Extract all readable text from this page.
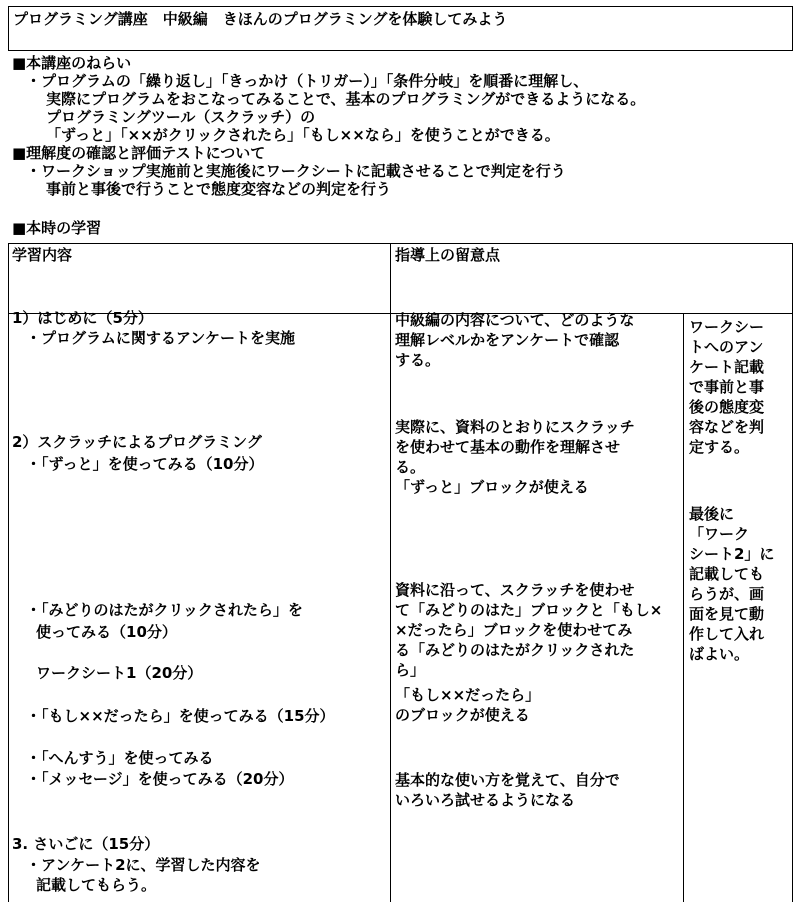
プログラミング講座　中級編　きほんのプログラミングを体験してみよう
■本講座のねらい
・プログラムの「繰り返し」「きっかけ（トリガー）」「条件分岐」を順番に理解し、
実際にプログラムをおこなってみることで、基本のプログラミングができるようになる。
プログラミングツール（スクラッチ）の
「ずっと」「××がクリックされたら」「もし××なら」を使うことができる。
■理解度の確認と評価テストについて
・ワークショップ実施前と実施後にワークシートに記載させることで判定を行う
事前と事後で行うことで態度変容などの判定を行う
■本時の学習
学習内容	指導上の留意点
1）はじめに（5分）
・プログラムに関するアンケートを実施
2）スクラッチによるプログラミング
・「ずっと」を使ってみる（10分）
・「みどりのはたがクリックされたら」を
使ってみる（10分）
ワークシート1（20分）
・「もし××だったら」を使ってみる（15分）
・「へんすう」を使ってみる
・「メッセージ」を使ってみる（20分）
3. さいごに（15分）
・アンケート2に、学習した内容を
記載してもらう。
中級編の内容について、どのような
理解レベルかをアンケートで確認
する。
実際に、資料のとおりにスクラッチ
を使わせて基本の動作を理解させ
る。
「ずっと」ブロックが使える
資料に沿って、スクラッチを使わせ
て「みどりのはた」ブロックと「もし×
×だったら」ブロックを使わせてみ
る「みどりのはたがクリックされた
ら」
「もし××だったら」
のブロックが使える
基本的な使い方を覚えて、自分で
いろいろ試せるようになる
ワークシー
トへのアン
ケート記載
で事前と事
後の態度変
容などを判
定する。
最後に
「ワーク
シート2」に
記載しても
らうが、画
面を見て動
作して入れ
ばよい。
